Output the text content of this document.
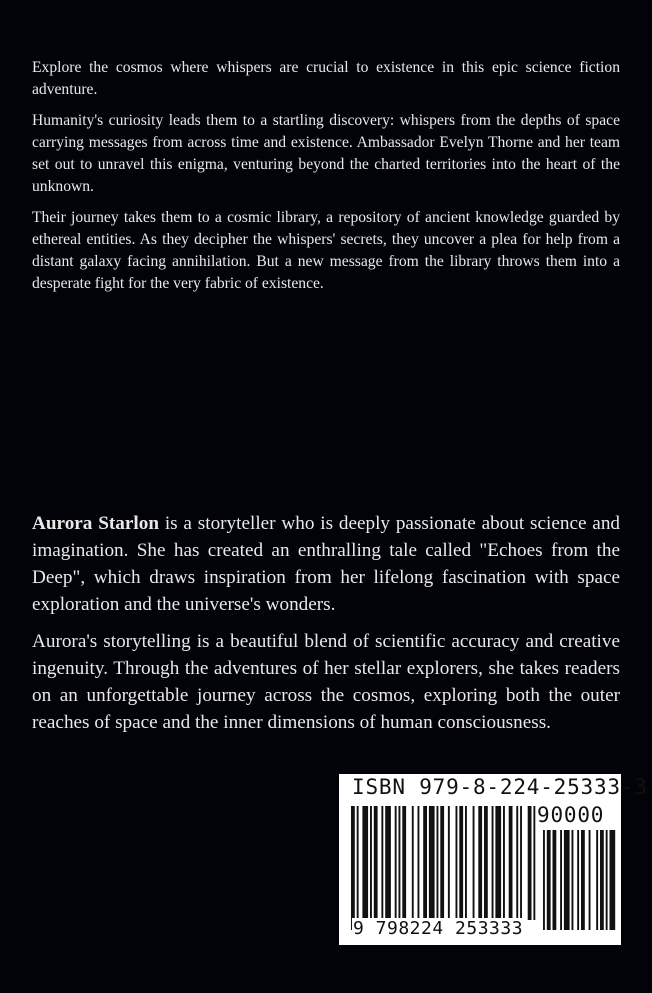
Explore the cosmos where whispers are crucial to existence in this epic science fiction adventure.

Humanity's curiosity leads them to a startling discovery: whispers from the depths of space carrying messages from across time and existence. Ambassador Evelyn Thorne and her team set out to unravel this enigma, venturing beyond the charted territories into the heart of the unknown.

Their journey takes them to a cosmic library, a repository of ancient knowledge guarded by ethereal entities. As they decipher the whispers' secrets, they uncover a plea for help from a distant galaxy facing annihilation. But a new message from the library throws them into a desperate fight for the very fabric of existence.

Aurora Starlon is a storyteller who is deeply passionate about science and imagination. She has created an enthralling tale called "Echoes from the Deep", which draws inspiration from her lifelong fascination with space exploration and the universe's wonders.

Aurora's storytelling is a beautiful blend of scientific accuracy and creative ingenuity. Through the adventures of her stellar explorers, she takes readers on an unforgettable journey across the cosmos, exploring both the outer reaches of space and the inner dimensions of human consciousness.

ISBN 979-8-224-25333-3
90000
9 798224 253333
